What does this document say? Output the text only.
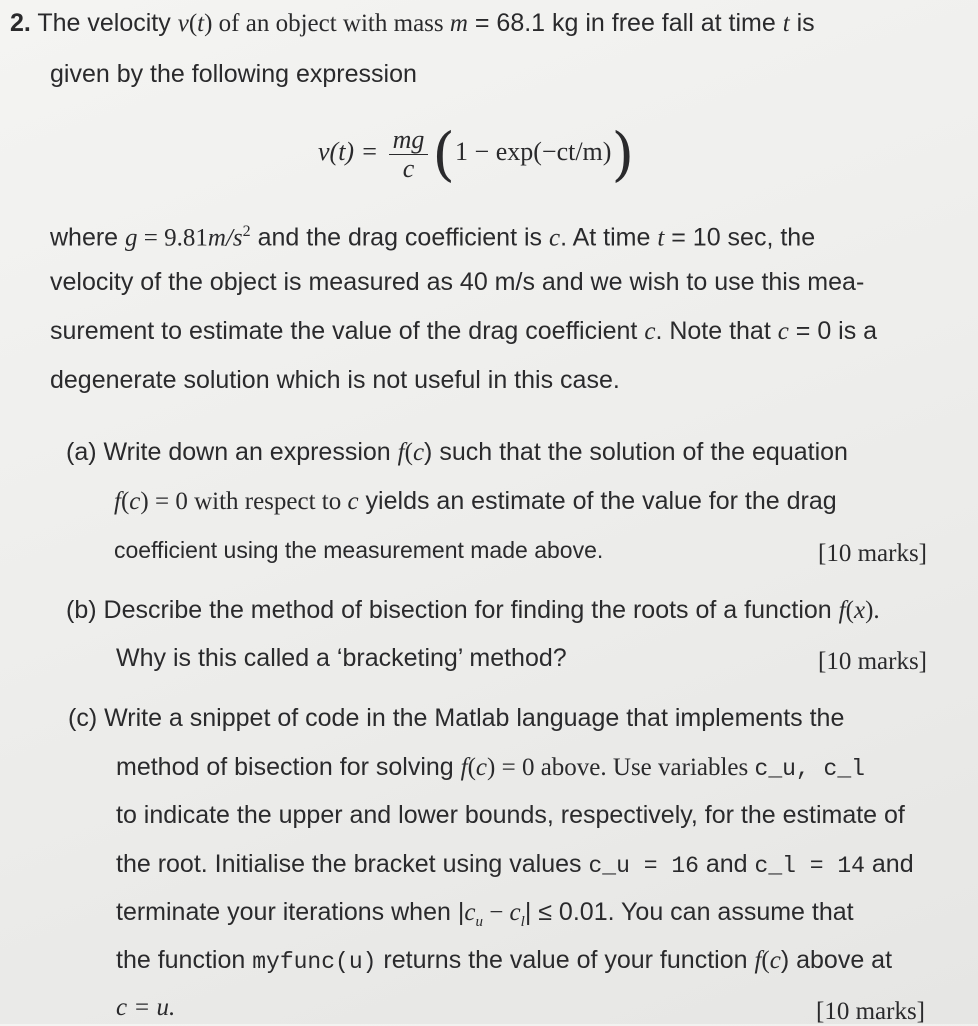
2. The velocity v(t) of an object with mass m = 68.1 kg in free fall at time t is
given by the following expression
$v(t) = \frac{mg}{c} (1 - \exp(-ct/m))$
where $g = 9.81m/s^2$ and the drag coefficient is c. At time t = 10 sec, the
velocity of the object is measured as 40 m/s and we wish to use this mea-
surement to estimate the value of the drag coefficient c. Note that c = 0 is a
degenerate solution which is not useful in this case.
(a) Write down an expression f(c) such that the solution of the equation
f(c) = 0 with respect to c yields an estimate of the value for the drag
coefficient using the measurement made above.	[10 marks]
(b) Describe the method of bisection for finding the roots of a function f(x).
Why is this called a ‘bracketing’ method?	[10 marks]
(c) Write a snippet of code in the Matlab language that implements the
method of bisection for solving f(c) = 0 above. Use variables c_u, c_l
to indicate the upper and lower bounds, respectively, for the estimate of
the root. Initialise the bracket using values c_u = 16 and c_l = 14 and
terminate your iterations when $|c_u - c_l| \le 0.01$. You can assume that
the function myfunc(u) returns the value of your function f(c) above at
c = u.	[10 marks]
